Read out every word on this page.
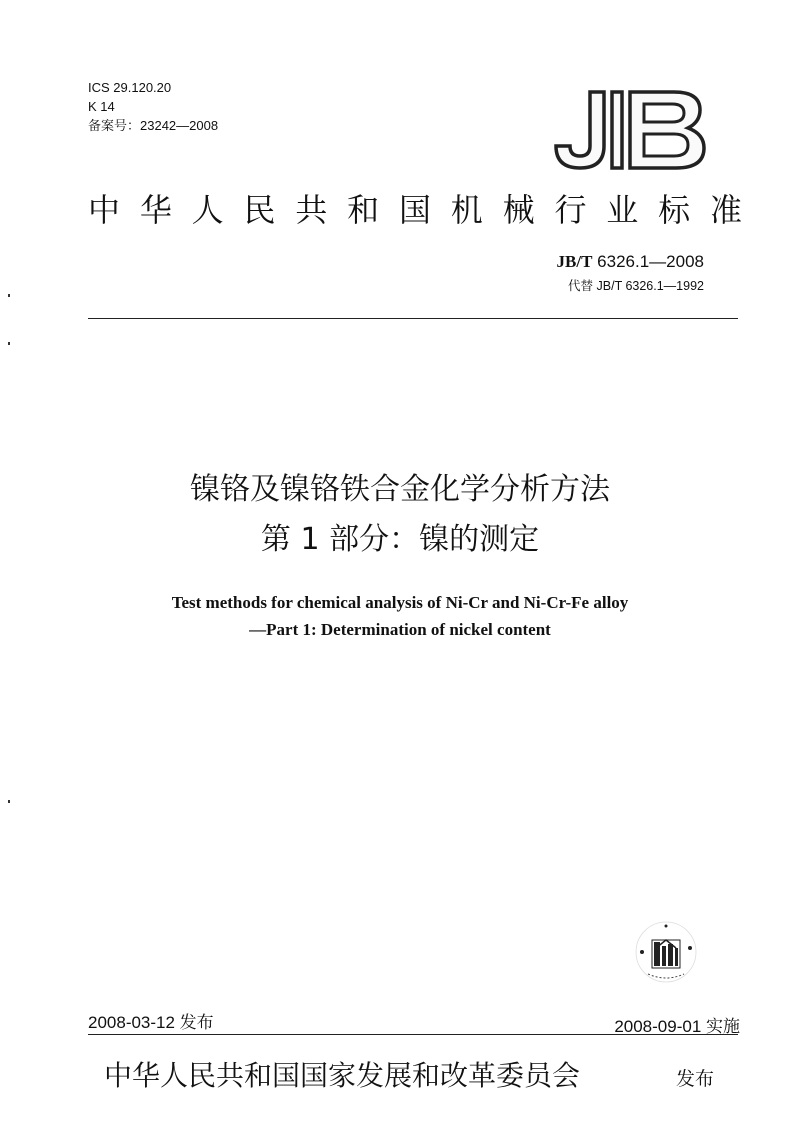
ICS 29.120.20
K 14
备案号：23242—2008
JB
中 华 人 民 共 和 国 机 械 行 业 标 准
JB/T 6326.1—2008
代替 JB/T 6326.1—1992
镍铬及镍铬铁合金化学分析方法
第 1 部分：镍的测定
Test methods for chemical analysis of Ni-Cr and Ni-Cr-Fe alloy
—Part 1: Determination of nickel content
2008-03-12 发布	2008-09-01 实施
中华人民共和国国家发展和改革委员会	发布
